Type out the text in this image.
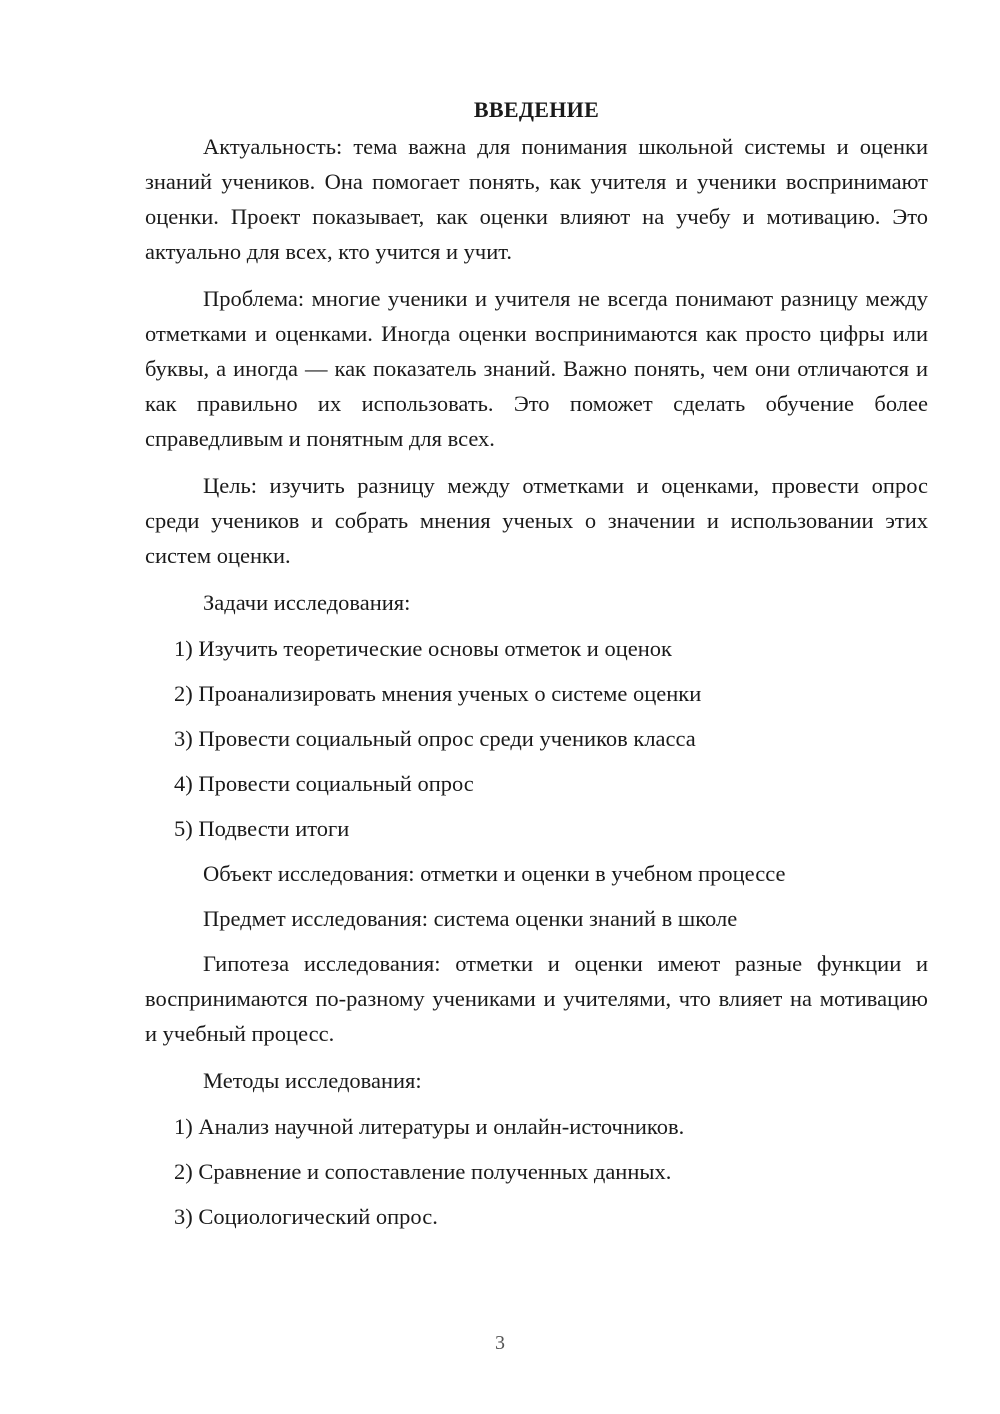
ВВЕДЕНИЕ

Актуальность: тема важна для понимания школьной системы и оценки знаний учеников. Она помогает понять, как учителя и ученики воспринимают оценки. Проект показывает, как оценки влияют на учебу и мотивацию. Это актуально для всех, кто учится и учит.

Проблема: многие ученики и учителя не всегда понимают разницу между отметками и оценками. Иногда оценки воспринимаются как просто цифры или буквы, а иногда — как показатель знаний. Важно понять, чем они отличаются и как правильно их использовать. Это поможет сделать обучение более справедливым и понятным для всех.

Цель: изучить разницу между отметками и оценками, провести опрос среди учеников и собрать мнения ученых о значении и использовании этих систем оценки.

Задачи исследования:
1) Изучить теоретические основы отметок и оценок
2) Проанализировать мнения ученых о системе оценки
3) Провести социальный опрос среди учеников класса
4) Провести социальный опрос
5) Подвести итоги
Объект исследования: отметки и оценки в учебном процессе
Предмет исследования: система оценки знаний в школе

Гипотеза исследования: отметки и оценки имеют разные функции и воспринимаются по-разному учениками и учителями, что влияет на мотивацию и учебный процесс.

Методы исследования:
1) Анализ научной литературы и онлайн-источников.
2) Сравнение и сопоставление полученных данных.
3) Социологический опрос.
3
